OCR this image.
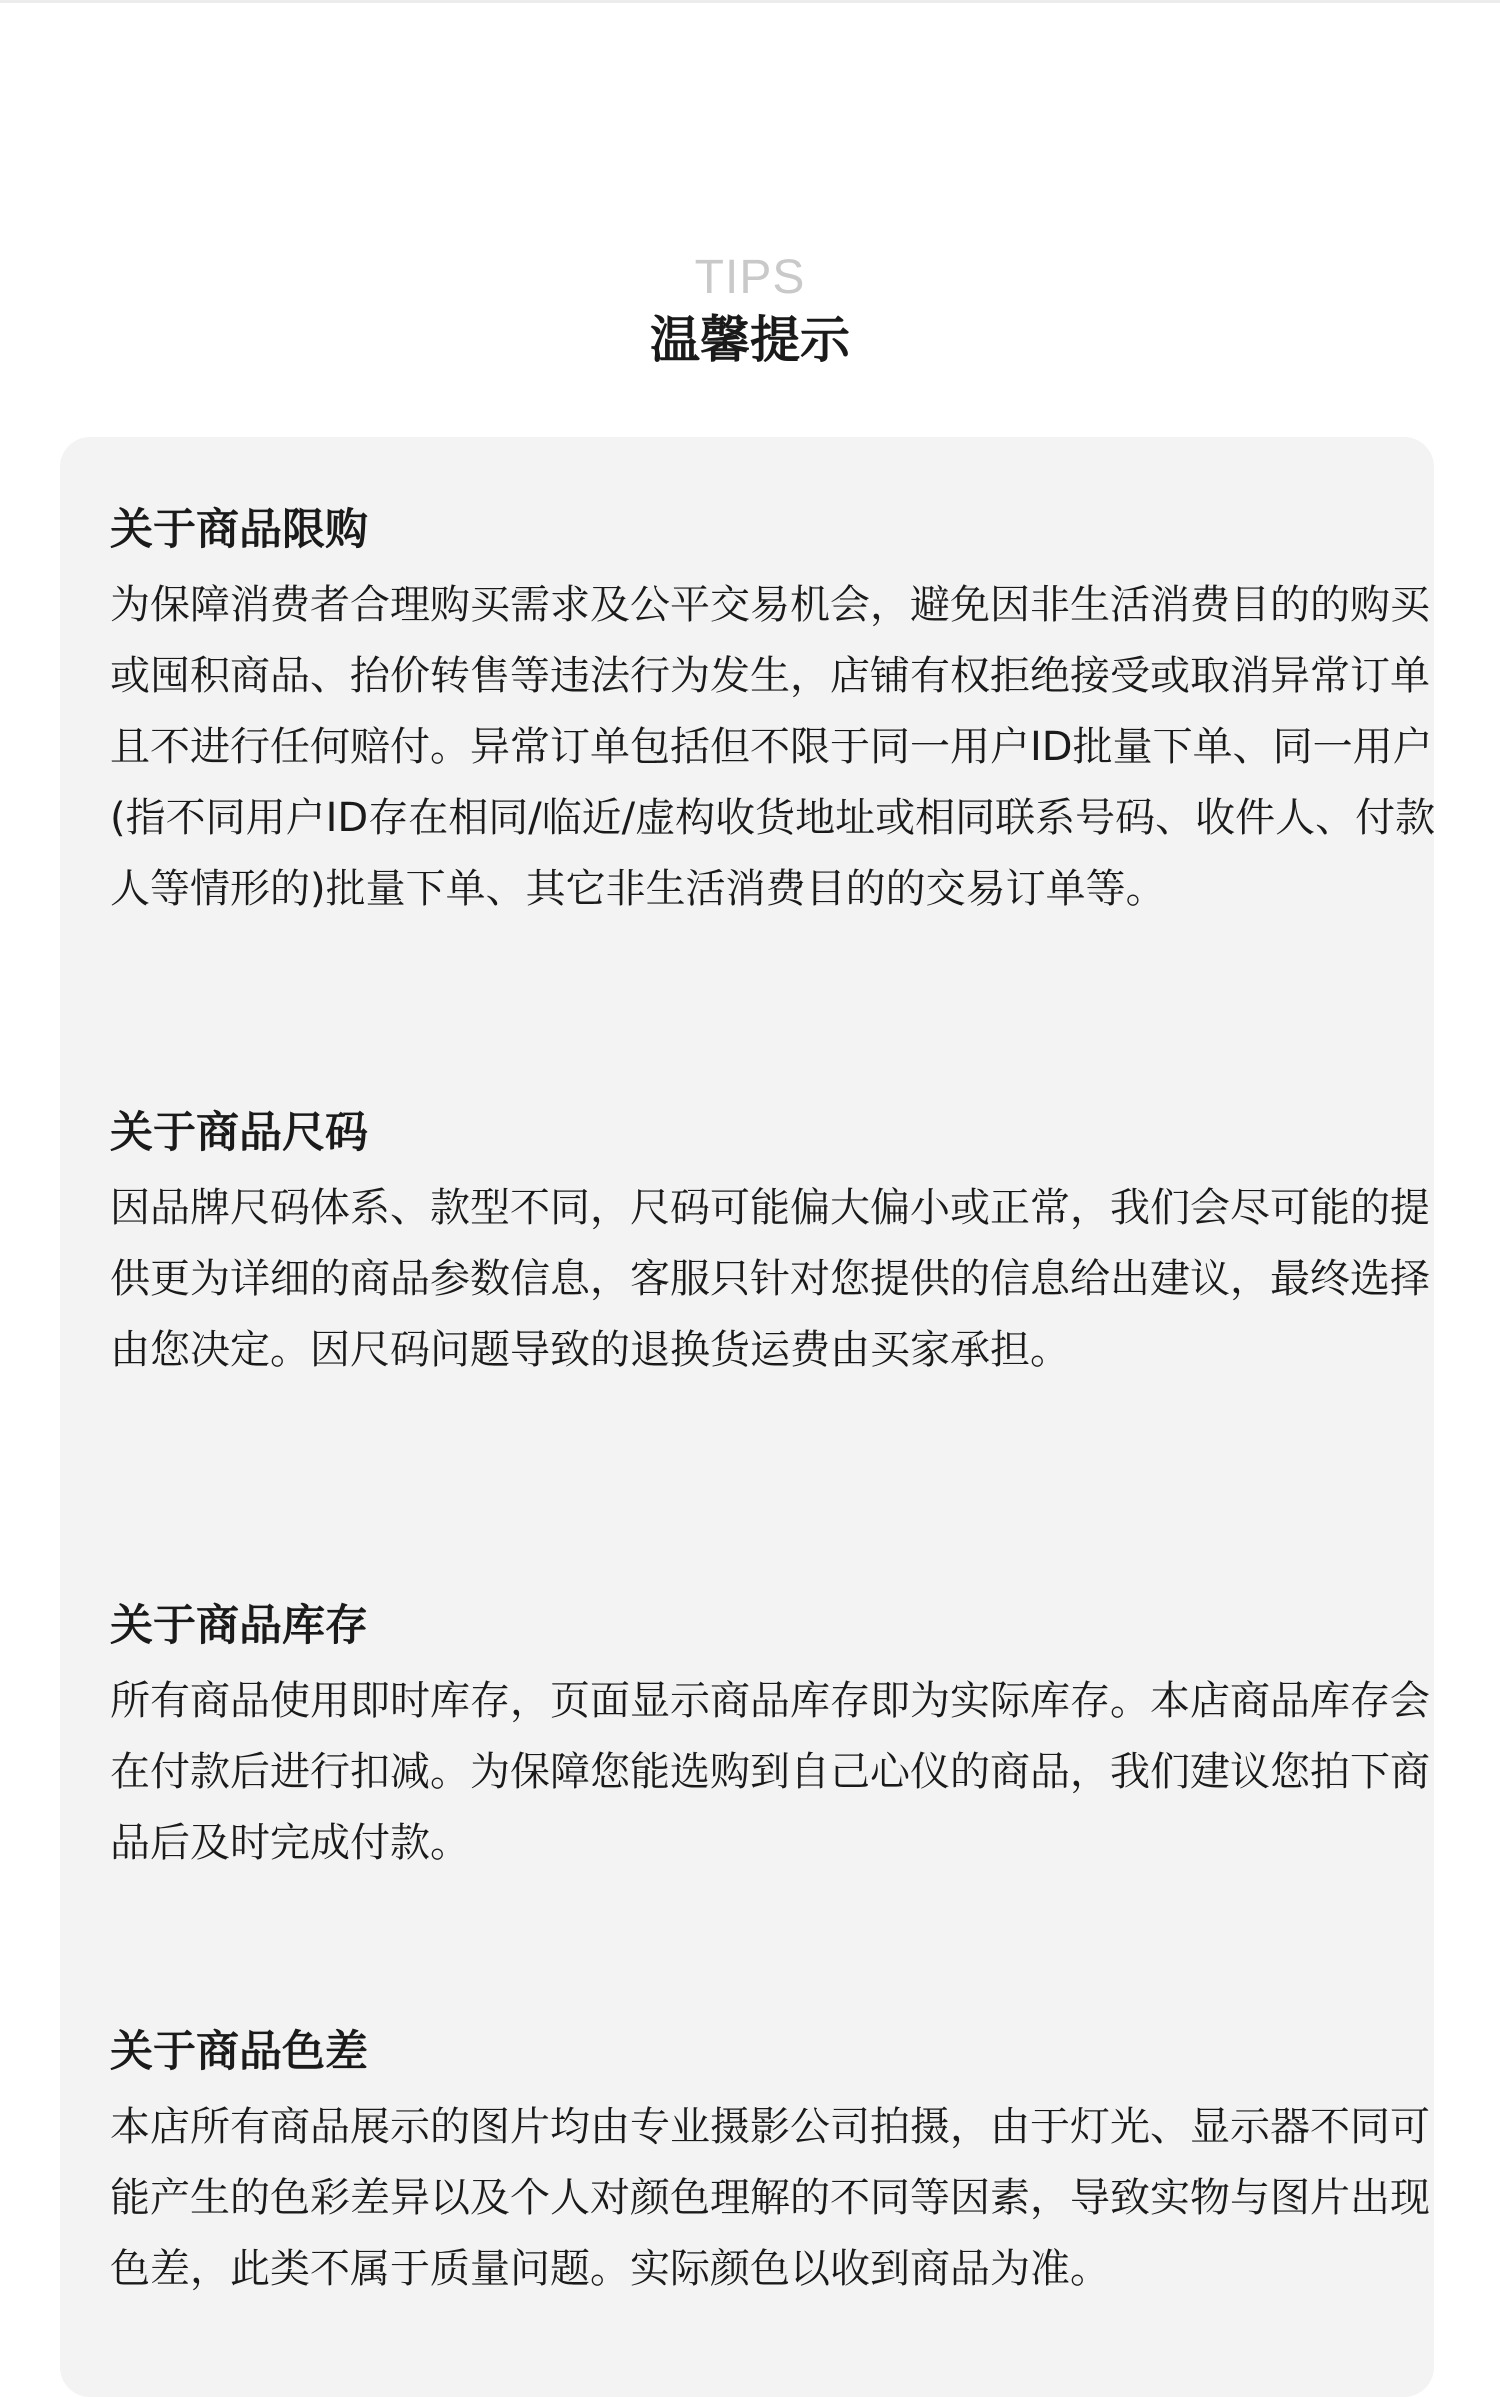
TIPS
温馨提示
关于商品限购
为保障消费者合理购买需求及公平交易机会，避免因非生活消费目的的购买或囤积商品、抬价转售等违法行为发生，店铺有权拒绝接受或取消异常订单且不进行任何赔付。异常订单包括但不限于同一用户ID批量下单、同一用户(指不同用户ID存在相同/临近/虚构收货地址或相同联系号码、收件人、付款人等情形的)批量下单、其它非生活消费目的的交易订单等。
关于商品尺码
因品牌尺码体系、款型不同，尺码可能偏大偏小或正常，我们会尽可能的提供更为详细的商品参数信息，客服只针对您提供的信息给出建议，最终选择由您决定。因尺码问题导致的退换货运费由买家承担。
关于商品库存
所有商品使用即时库存，页面显示商品库存即为实际库存。本店商品库存会在付款后进行扣减。为保障您能选购到自己心仪的商品，我们建议您拍下商品后及时完成付款。
关于商品色差
本店所有商品展示的图片均由专业摄影公司拍摄，由于灯光、显示器不同可能产生的色彩差异以及个人对颜色理解的不同等因素，导致实物与图片出现色差，此类不属于质量问题。实际颜色以收到商品为准。
